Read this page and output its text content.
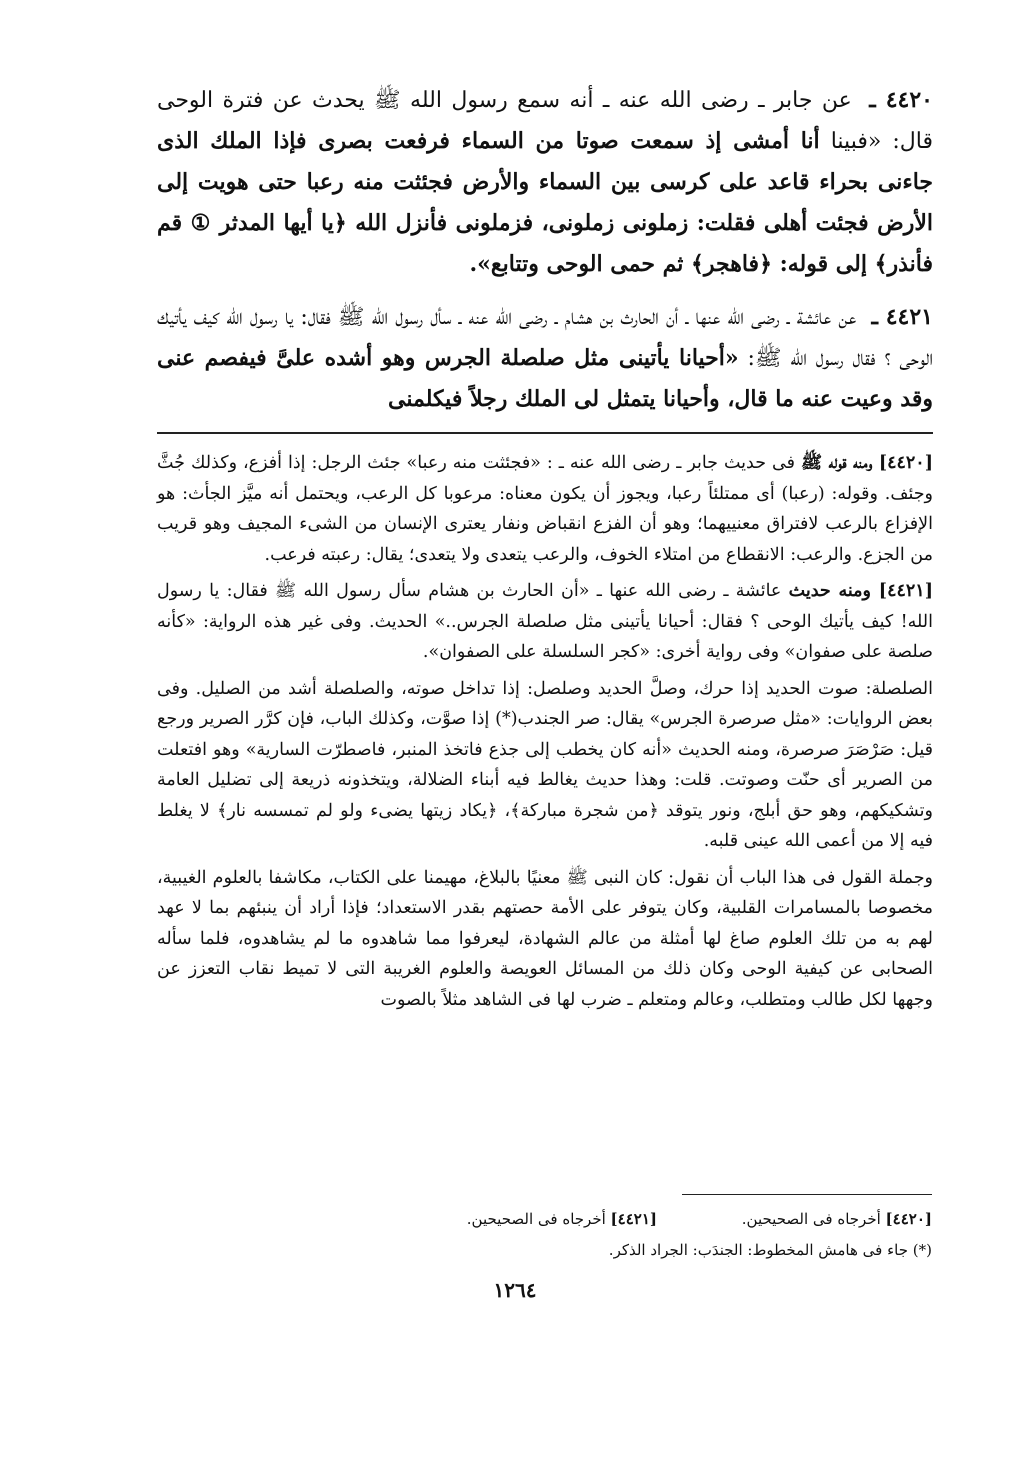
٤٤٢٠ ـ عن جابر ـ رضى الله عنه ـ أنه سمع رسول الله ﷺ يحدث عن فترة الوحى قال: «فبينا أنا أمشى إذ سمعت صوتا من السماء فرفعت بصرى فإذا الملك الذى جاءنى بحراء قاعد على كرسى بين السماء والأرض فجئثت منه رعبا حتى هويت إلى الأرض فجئت أهلى فقلت: زملونى زملونى، فزملونى فأنزل الله ﴿يا أيها المدثر ① قم فأنذر﴾ إلى قوله: ﴿فاهجر﴾ ثم حمى الوحى وتتابع».

٤٤٢١ ـ عن عائشة ـ رضى الله عنها ـ أن الحارث بن هشام ـ رضى الله عنه ـ سأل رسول الله ﷺ فقال: يا رسول الله كيف يأتيك الوحى ؟ فقال رسول الله ﷺ: «أحيانا يأتينى مثل صلصلة الجرس وهو أشده علىَّ فيفصم عنى وقد وعيت عنه ما قال، وأحيانا يتمثل لى الملك رجلاً فيكلمنى

[٤٤٢٠] ومنه قوله ﷺ فى حديث جابر ـ رضى الله عنه ـ : «فجئثت منه رعبا» جئث الرجل: إذا أفزع، وكذلك جُثَّ وجئف. وقوله: (رعبا) أى ممتلئاً رعبا، ويجوز أن يكون معناه: مرعوبا كل الرعب، ويحتمل أنه ميَّز الجأث: هو الإفزاع بالرعب لافتراق معنييهما؛ وهو أن الفزع انقباض ونفار يعترى الإنسان من الشىء المجيف وهو قريب من الجزع. والرعب: الانقطاع من امتلاء الخوف، والرعب يتعدى ولا يتعدى؛ يقال: رعبته فرعب.

[٤٤٢١] ومنه حديث عائشة ـ رضى الله عنها ـ «أن الحارث بن هشام سأل رسول الله ﷺ فقال: يا رسول الله! كيف يأتيك الوحى ؟ فقال: أحيانا يأتينى مثل صلصلة الجرس..» الحديث. وفى غير هذه الرواية: «كأنه صلصة على صفوان» وفى رواية أخرى: «كجر السلسلة على الصفوان».

الصلصلة: صوت الحديد إذا حرك، وصلَّ الحديد وصلصل: إذا تداخل صوته، والصلصلة أشد من الصليل. وفى بعض الروايات: «مثل صرصرة الجرس» يقال: صر الجندب(*) إذا صوَّت، وكذلك الباب، فإن كرَّر الصرير ورجع قيل: صَرْصَرَ صرصرة، ومنه الحديث «أنه كان يخطب إلى جذع فاتخذ المنبر، فاصطرّت السارية» وهو افتعلت من الصرير أى حنّت وصوتت. قلت: وهذا حديث يغالط فيه أبناء الضلالة، ويتخذونه ذريعة إلى تضليل العامة وتشكيكهم، وهو حق أبلج، ونور يتوقد ﴿من شجرة مباركة﴾، ﴿يكاد زيتها يضىء ولو لم تمسسه نار﴾ لا يغلط فيه إلا من أعمى الله عينى قلبه.

وجملة القول فى هذا الباب أن نقول: كان النبى ﷺ معنيًا بالبلاغ، مهيمنا على الكتاب، مكاشفا بالعلوم الغيبية، مخصوصا بالمسامرات القلبية، وكان يتوفر على الأمة حصتهم بقدر الاستعداد؛ فإذا أراد أن ينبئهم بما لا عهد لهم به من تلك العلوم صاغ لها أمثلة من عالم الشهادة، ليعرفوا مما شاهدوه ما لم يشاهدوه، فلما سأله الصحابى عن كيفية الوحى وكان ذلك من المسائل العويصة والعلوم الغريبة التى لا تميط نقاب التعزز عن وجهها لكل طالب ومتطلب، وعالم ومتعلم ـ ضرب لها فى الشاهد مثلاً بالصوت

[٤٤٢٠] أخرجاه فى الصحيحين.
[٤٤٢١] أخرجاه فى الصحيحين.
(*) جاء فى هامش المخطوط: الجندَب: الجراد الذكر.
١٢٦٤
